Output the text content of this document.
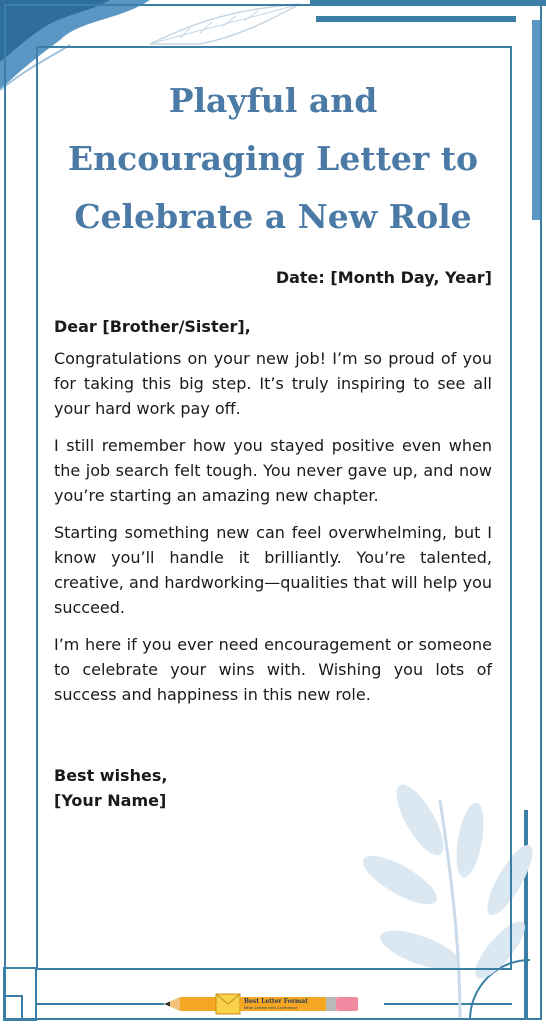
Playful and Encouraging Letter to Celebrate a New Role
Date: [Month Day, Year]
Dear [Brother/Sister],

Congratulations on your new job! I’m so proud of you for taking this big step. It’s truly inspiring to see all your hard work pay off.

I still remember how you stayed positive even when the job search felt tough. You never gave up, and now you’re starting an amazing new chapter.

Starting something new can feel overwhelming, but I know you’ll handle it brilliantly. You’re talented, creative, and hardworking—qualities that will help you succeed.

I’m here if you ever need encouragement or someone to celebrate your wins with. Wishing you lots of success and happiness in this new role.

Best wishes,
[Your Name]
Best Letter Format
Write Letters with Confidence
